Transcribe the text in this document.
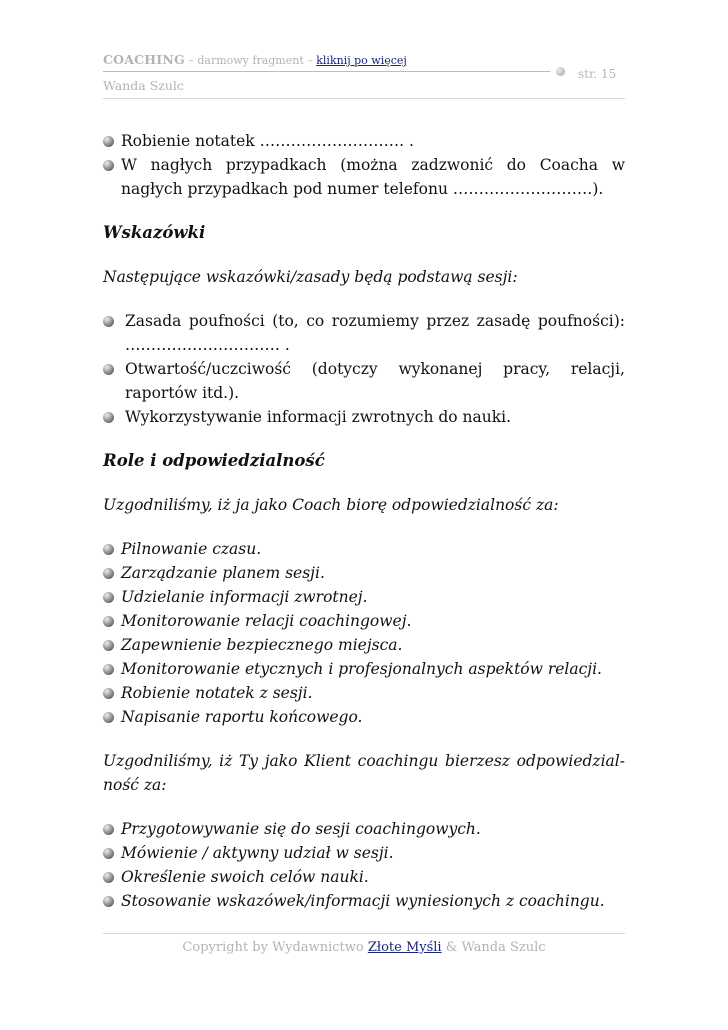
COACHING – darmowy fragment – kliknij po więcej
str. 15
Wanda Szulc
Robienie notatek ………………………. .
W nagłych przypadkach (można zadzwonić do Coacha w nagłych przypadkach pod numer telefonu ………………………).
Wskazówki
Następujące wskazówki/zasady będą podstawą sesji:
Zasada poufności (to, co rozumiemy przez zasadę poufności): ………………………… .
Otwartość/uczciwość (dotyczy wykonanej pracy, relacji, raportów itd.).
Wykorzystywanie informacji zwrotnych do nauki.
Role i odpowiedzialność
Uzgodniliśmy, iż ja jako Coach biorę odpowiedzialność za:
Pilnowanie czasu.
Zarządzanie planem sesji.
Udzielanie informacji zwrotnej.
Monitorowanie relacji coachingowej.
Zapewnienie bezpiecznego miejsca.
Monitorowanie etycznych i profesjonalnych aspektów relacji.
Robienie notatek z sesji.
Napisanie raportu końcowego.
Uzgodniliśmy, iż Ty jako Klient coachingu bierzesz odpowiedzial-ność za:
Przygotowywanie się do sesji coachingowych.
Mówienie / aktywny udział w sesji.
Określenie swoich celów nauki.
Stosowanie wskazówek/informacji wyniesionych z coachingu.
Copyright by Wydawnictwo Złote Myśli & Wanda Szulc
